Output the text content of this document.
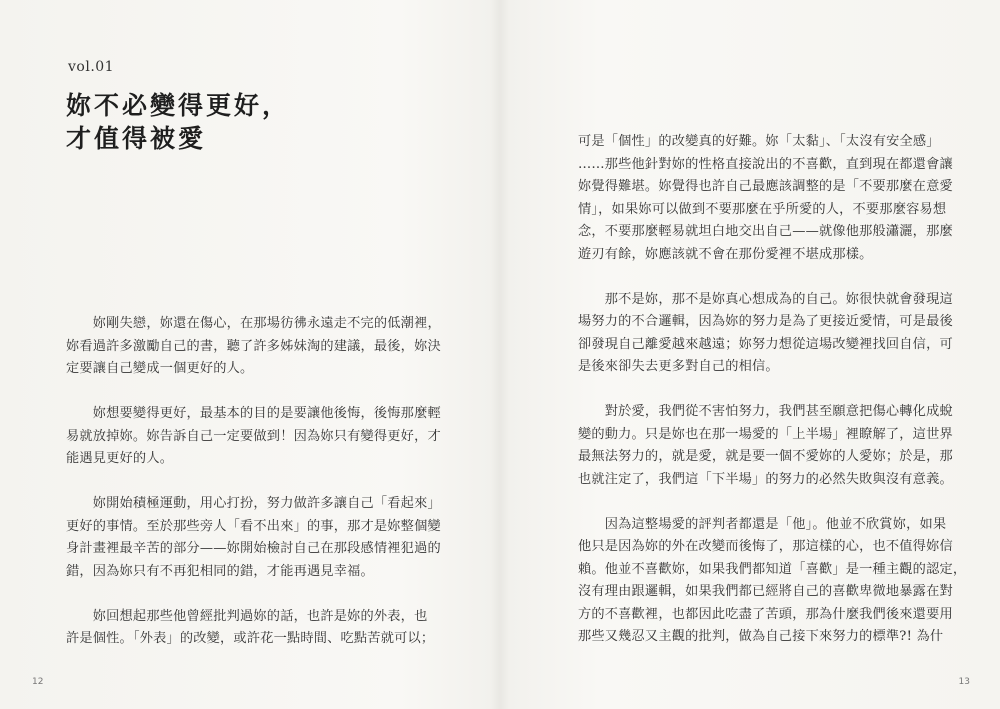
vol.01
妳不必變得更好，
才值得被愛
　　妳剛失戀，妳還在傷心，在那場彷彿永遠走不完的低潮裡，
妳看過許多激勵自己的書，聽了許多姊妹淘的建議，最後，妳決
定要讓自己變成一個更好的人。
　　妳想要變得更好，最基本的目的是要讓他後悔，後悔那麼輕
易就放掉妳。妳告訴自己一定要做到！因為妳只有變得更好，才
能遇見更好的人。
　　妳開始積極運動，用心打扮，努力做許多讓自己「看起來」
更好的事情。至於那些旁人「看不出來」的事，那才是妳整個變
身計畫裡最辛苦的部分——妳開始檢討自己在那段感情裡犯過的
錯，因為妳只有不再犯相同的錯，才能再遇見幸福。
　　妳回想起那些他曾經批判過妳的話，也許是妳的外表，也
許是個性。「外表」的改變，或許花一點時間、吃點苦就可以；
12
可是「個性」的改變真的好難。妳「太黏」、「太沒有安全感」
……那些他針對妳的性格直接說出的不喜歡，直到現在都還會讓
妳覺得難堪。妳覺得也許自己最應該調整的是「不要那麼在意愛
情」，如果妳可以做到不要那麼在乎所愛的人，不要那麼容易想
念，不要那麼輕易就坦白地交出自己——就像他那般瀟灑，那麼
遊刃有餘，妳應該就不會在那份愛裡不堪成那樣。
　　那不是妳，那不是妳真心想成為的自己。妳很快就會發現這
場努力的不合邏輯，因為妳的努力是為了更接近愛情，可是最後
卻發現自己離愛越來越遠；妳努力想從這場改變裡找回自信，可
是後來卻失去更多對自己的相信。
　　對於愛，我們從不害怕努力，我們甚至願意把傷心轉化成蛻
變的動力。只是妳也在那一場愛的「上半場」裡瞭解了，這世界
最無法努力的，就是愛，就是要一個不愛妳的人愛妳；於是，那
也就注定了，我們這「下半場」的努力的必然失敗與沒有意義。
　　因為這整場愛的評判者都還是「他」。他並不欣賞妳，如果
他只是因為妳的外在改變而後悔了，那這樣的心，也不值得妳信
賴。他並不喜歡妳，如果我們都知道「喜歡」是一種主觀的認定，
沒有理由跟邏輯，如果我們都已經將自己的喜歡卑微地暴露在對
方的不喜歡裡，也都因此吃盡了苦頭，那為什麼我們後來還要用
那些又幾忍又主觀的批判，做為自己接下來努力的標準?! 為什
13
